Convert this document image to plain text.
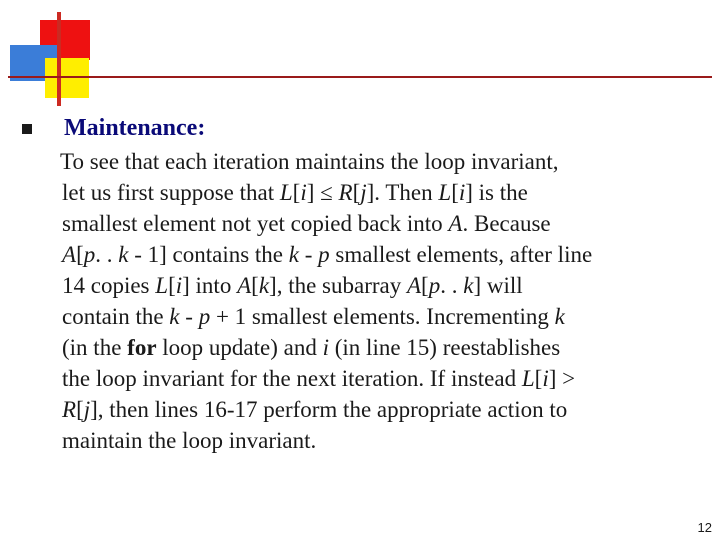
Maintenance:
To see that each iteration maintains the loop invariant,
let us first suppose that L[i] ≤ R[j]. Then L[i] is the
smallest element not yet copied back into A. Because
A[p. . k - 1] contains the k - p smallest elements, after line
14 copies L[i] into A[k], the subarray A[p. . k] will
contain the k - p + 1 smallest elements. Incrementing k
(in the for loop update) and i (in line 15) reestablishes
the loop invariant for the next iteration. If instead L[i] >
R[j], then lines 16-17 perform the appropriate action to
maintain the loop invariant.
12
